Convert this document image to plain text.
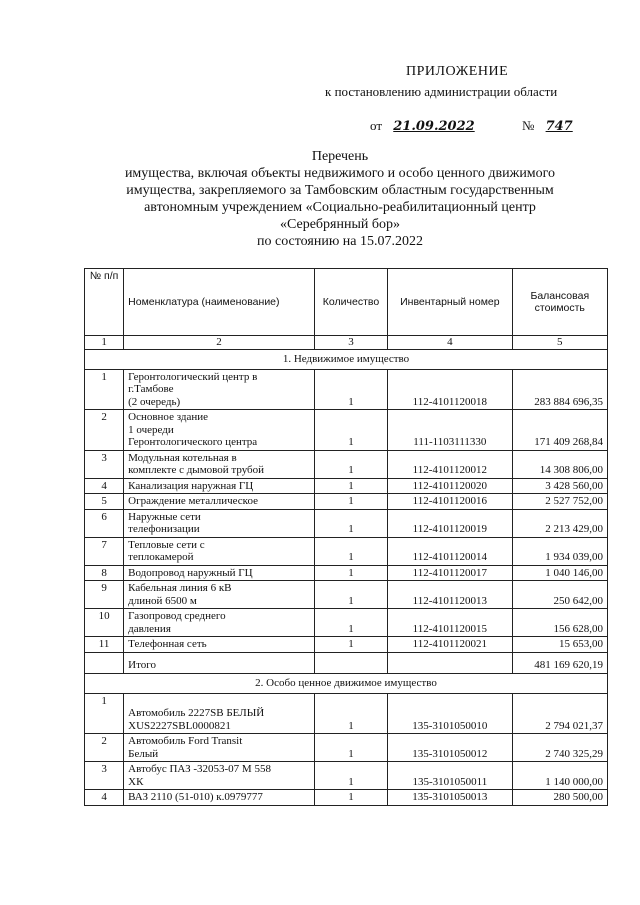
ПРИЛОЖЕНИЕ
к постановлению администрации области
от 21.09.2022	№ 747
Перечень
имущества, включая объекты недвижимого и особо ценного движимого
имущества, закрепляемого за Тамбовским областным государственным
автономным учреждением «Социально-реабилитационный центр
«Серебрянный бор»
по состоянию на 15.07.2022
№ п/п	Номенклатура (наименование)	Количество	Инвентарный номер	Балансовая стоимость
1	2	3	4	5
1. Недвижимое имущество				
1	Геронтологический центр в
г.Тамбове
(2 очередь)	1	112-4101120018	283 884 696,35
2	Основное здание
1 очереди
Геронтологического центра	1	111-1103111330	171 409 268,84
3	Модульная котельная в
комплекте с дымовой трубой	1	112-4101120012	14 308 806,00
4	Канализация наружная ГЦ	1	112-4101120020	3 428 560,00
5	Ограждение металлическое	1	112-4101120016	2 527 752,00
6	Наружные сети
телефонизации	1	112-4101120019	2 213 429,00
7	Тепловые сети с
теплокамерой	1	112-4101120014	1 934 039,00
8	Водопровод наружный ГЦ	1	112-4101120017	1 040 146,00
9	Кабельная линия 6 кВ
длиной 6500 м	1	112-4101120013	250 642,00
10	Газопровод среднего
давления	1	112-4101120015	156 628,00
11	Телефонная сеть	1	112-4101120021	15 653,00
	Итого			481 169 620,19
2. Особо ценное движимое имущество				
1	Автомобиль 2227SB БЕЛЫЙ
XUS2227SBL0000821	1	135-3101050010	2 794 021,37
2	Автомобиль Ford Transit
Белый	1	135-3101050012	2 740 325,29
3	Автобус ПАЗ -32053-07 М 558
ХК	1	135-3101050011	1 140 000,00
4	ВАЗ 2110 (51-010) к.0979777	1	135-3101050013	280 500,00
